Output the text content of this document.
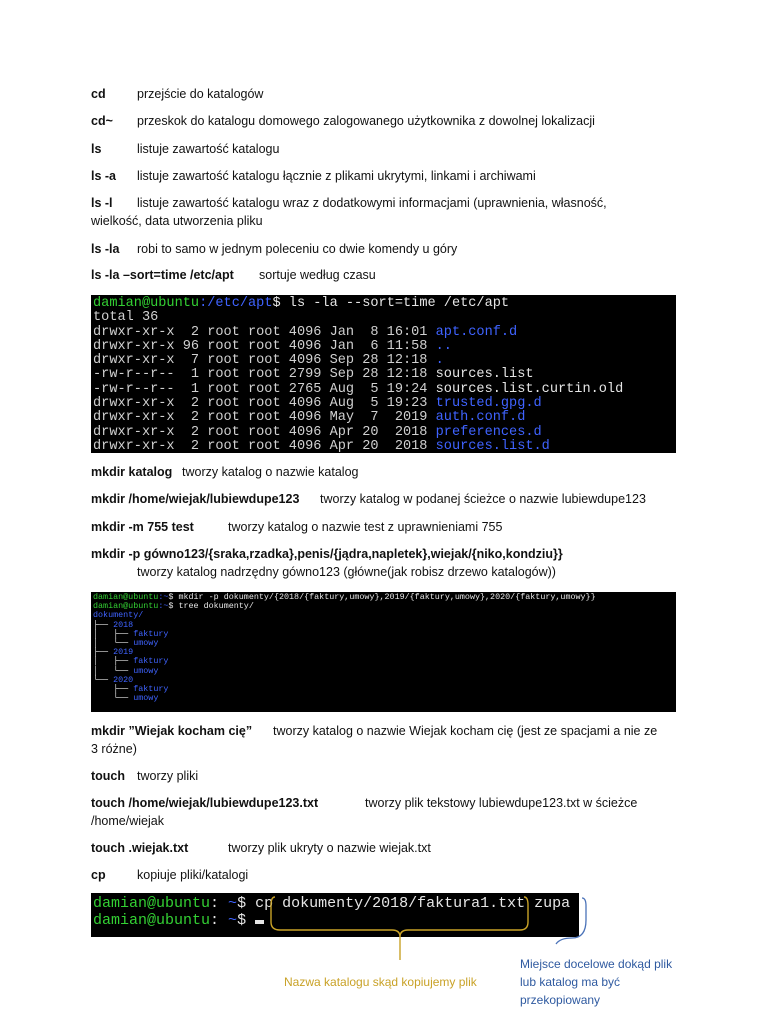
cd	przejście do katalogów
cd~ przeskok do katalogu domowego zalogowanego użytkownika z dowolnej lokalizacji
ls	listuje zawartość katalogu
ls -a listuje zawartość katalogu łącznie z plikami ukrytymi, linkami i archiwami
ls -l listuje zawartość katalogu wraz z dodatkowymi informacjami (uprawnienia, własność,
wielkość, data utworzenia pliku
ls -la robi to samo w jednym poleceniu co dwie komendy u góry
ls -la –sort=time /etc/apt sortuje według czasu
damian@ubuntu:/etc/apt$ ls -la --sort=time /etc/apt
total 36
drwxr-xr-x  2 root root 4096 Jan  8 16:01 apt.conf.d
drwxr-xr-x 96 root root 4096 Jan  6 11:58 ..
drwxr-xr-x  7 root root 4096 Sep 28 12:18 .
-rw-r--r--  1 root root 2799 Sep 28 12:18 sources.list
-rw-r--r--  1 root root 2765 Aug  5 19:24 sources.list.curtin.old
drwxr-xr-x  2 root root 4096 Aug  5 19:23 trusted.gpg.d
drwxr-xr-x  2 root root 4096 May  7  2019 auth.conf.d
drwxr-xr-x  2 root root 4096 Apr 20  2018 preferences.d
drwxr-xr-x  2 root root 4096 Apr 20  2018 sources.list.d
mkdir katalog tworzy katalog o nazwie katalog
mkdir /home/wiejak/lubiewdupe123 tworzy katalog w podanej ścieżce o nazwie lubiewdupe123
mkdir -m 755 test	tworzy katalog o nazwie test z uprawnieniami 755
mkdir -p gówno123/{sraka,rzadka},penis/{jądra,napletek},wiejak/{niko,kondziu}}
tworzy katalog nadrzędny gówno123 (główne(jak robisz drzewo katalogów))
damian@ubuntu:~$ mkdir -p dokumenty/{2018/{faktury,umowy},2019/{faktury,umowy},2020/{faktury,umowy}}
damian@ubuntu:~$ tree dokumenty/
dokumenty/
├── 2018
│   ├── faktury
│   └── umowy
├── 2019
│   ├── faktury
│   └── umowy
└── 2020
├── faktury
└── umowy
mkdir ”Wiejak kocham cię” tworzy katalog o nazwie Wiejak kocham cię (jest ze spacjami a nie ze
3 różne)
touch tworzy pliki
touch /home/wiejak/lubiewdupe123.txt	tworzy plik tekstowy lubiewdupe123.txt w ścieżce
/home/wiejak
touch .wiejak.txt	tworzy plik ukryty o nazwie wiejak.txt
cp	kopiuje pliki/katalogi
damian@ubuntu: ~$ cp dokumenty/2018/faktura1.txt zupa
damian@ubuntu: ~$
Nazwa katalogu skąd kopiujemy plik
Miejsce docelowe dokąd plik
lub katalog ma być
przekopiowany
